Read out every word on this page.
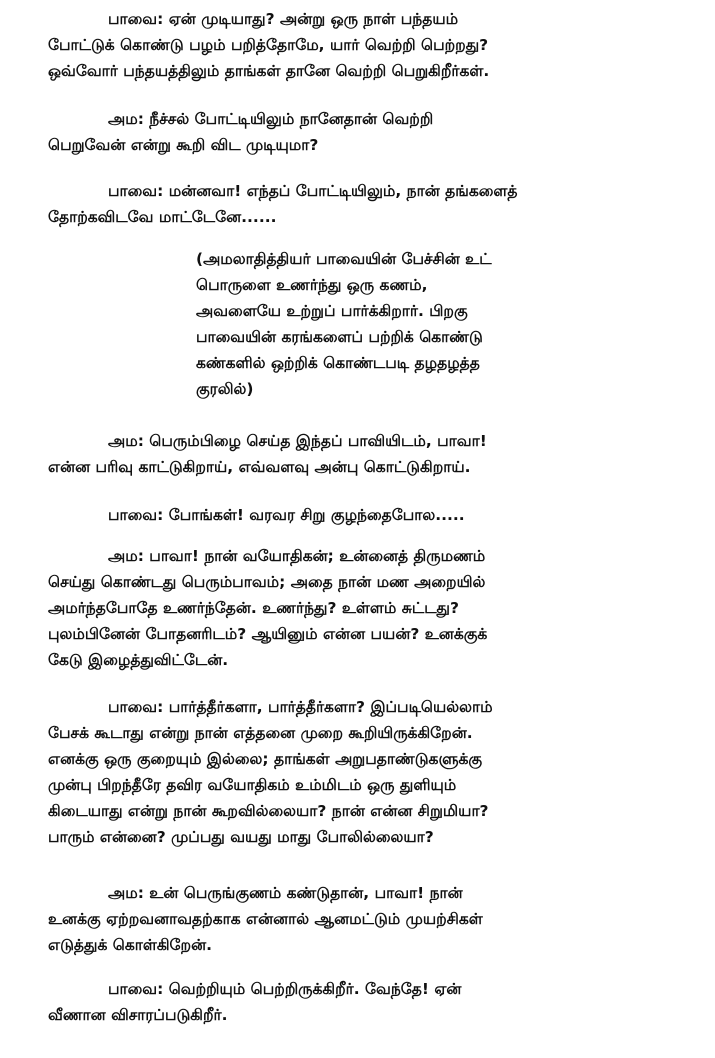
பாவை: ஏன் முடியாது? அன்று ஒரு நாள் பந்தயம்
போட்டுக் கொண்டு பழம் பறித்தோமே, யார் வெற்றி பெற்றது?
ஒவ்வோர் பந்தயத்திலும் தாங்கள் தானே வெற்றி பெறுகிறீர்கள்.

அம: நீச்சல் போட்டியிலும் நானேதான் வெற்றி
பெறுவேன் என்று கூறி விட முடியுமா?

பாவை: மன்னவா! எந்தப் போட்டியிலும், நான் தங்களைத்
தோற்கவிடவே மாட்டேனே......

(அமலாதித்தியர் பாவையின் பேச்சின் உட்
பொருளை உணர்ந்து ஒரு கணம்,
அவளையே உற்றுப் பார்க்கிறார். பிறகு
பாவையின் கரங்களைப் பற்றிக் கொண்டு
கண்களில் ஒற்றிக் கொண்டபடி தழதழத்த
குரலில்)

அம: பெரும்பிழை செய்த இந்தப் பாவியிடம், பாவா!
என்ன பரிவு காட்டுகிறாய், எவ்வளவு அன்பு கொட்டுகிறாய்.

பாவை: போங்கள்! வரவர சிறு குழந்தைபோல.....

அம: பாவா! நான் வயோதிகன்; உன்னைத் திருமணம்
செய்து கொண்டது பெரும்பாவம்; அதை நான் மண அறையில்
அமர்ந்தபோதே உணர்ந்தேன். உணர்ந்து? உள்ளம் சுட்டது?
புலம்பினேன் போதனரிடம்? ஆயினும் என்ன பயன்? உனக்குக்
கேடு இழைத்துவிட்டேன்.

பாவை: பார்த்தீர்களா, பார்த்தீர்களா? இப்படியெல்லாம்
பேசக் கூடாது என்று நான் எத்தனை முறை கூறியிருக்கிறேன்.
எனக்கு ஒரு குறையும் இல்லை; தாங்கள் அறுபதாண்டுகளுக்கு
முன்பு பிறந்தீரே தவிர வயோதிகம் உம்மிடம் ஒரு துளியும்
கிடையாது என்று நான் கூறவில்லையா? நான் என்ன சிறுமியா?
பாரும் என்னை? முப்பது வயது மாது போலில்லையா?

அம: உன் பெருங்குணம் கண்டுதான், பாவா! நான்
உனக்கு ஏற்றவனாவதற்காக என்னால் ஆனமட்டும் முயற்சிகள்
எடுத்துக் கொள்கிறேன்.

பாவை: வெற்றியும் பெற்றிருக்கிறீர். வேந்தே! ஏன்
வீணான விசாரப்படுகிறீர்.
